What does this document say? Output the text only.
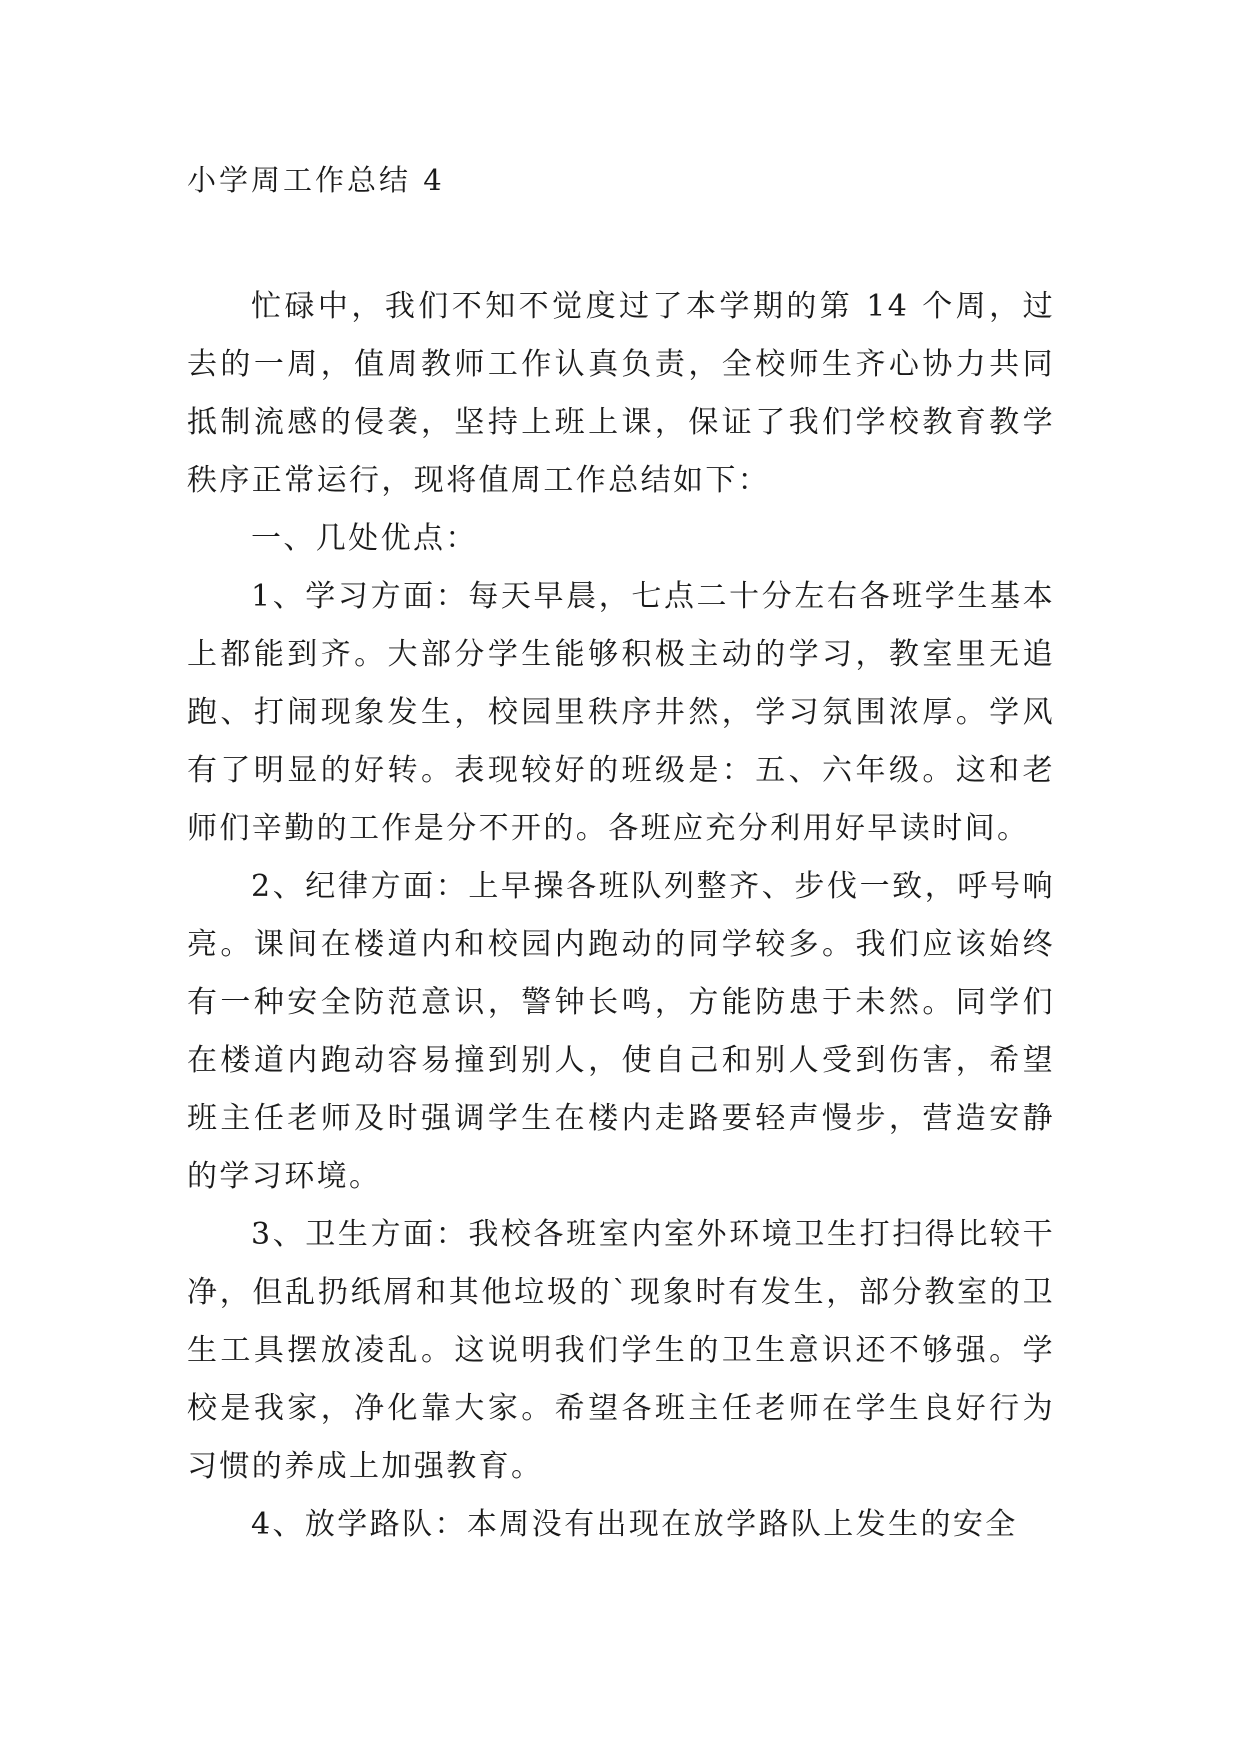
小学周工作总结 4

忙碌中，我们不知不觉度过了本学期的第 14 个周，过去的一周，值周教师工作认真负责，全校师生齐心协力共同抵制流感的侵袭，坚持上班上课，保证了我们学校教育教学秩序正常运行，现将值周工作总结如下：

一、几处优点：

1、学习方面：每天早晨，七点二十分左右各班学生基本上都能到齐。大部分学生能够积极主动的学习，教室里无追跑、打闹现象发生，校园里秩序井然，学习氛围浓厚。学风有了明显的好转。表现较好的班级是：五、六年级。这和老师们辛勤的工作是分不开的。各班应充分利用好早读时间。

2、纪律方面：上早操各班队列整齐、步伐一致，呼号响亮。课间在楼道内和校园内跑动的同学较多。我们应该始终有一种安全防范意识，警钟长鸣，方能防患于未然。同学们在楼道内跑动容易撞到别人，使自己和别人受到伤害，希望班主任老师及时强调学生在楼内走路要轻声慢步，营造安静的学习环境。

3、卫生方面：我校各班室内室外环境卫生打扫得比较干净，但乱扔纸屑和其他垃圾的`现象时有发生，部分教室的卫生工具摆放凌乱。这说明我们学生的卫生意识还不够强。学校是我家，净化靠大家。希望各班主任老师在学生良好行为习惯的养成上加强教育。

4、放学路队：本周没有出现在放学路队上发生的安全
